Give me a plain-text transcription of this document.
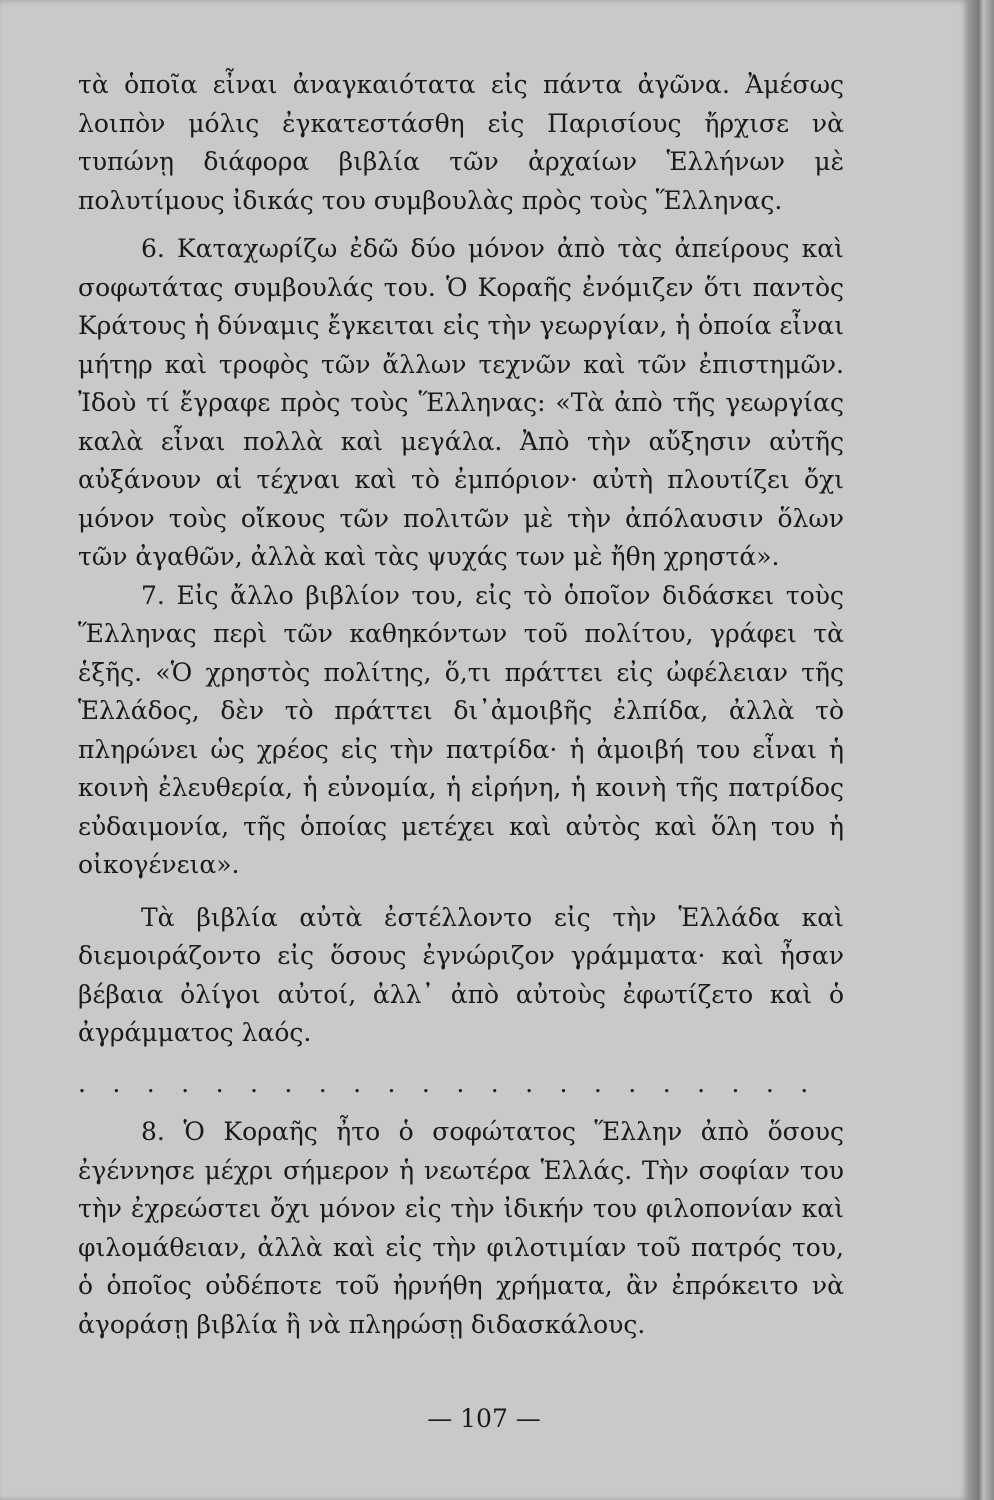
τὰ ὁποῖα εἶναι ἀναγκαιότατα εἰς πάντα ἀγῶνα. Ἀμέσως λοιπὸν μόλις ἐγκατεστάσθη εἰς Παρισίους ἤρχισε νὰ τυπώνῃ διάφορα βιβλία τῶν ἀρχαίων Ἑλλήνων μὲ πολυτίμους ἰδικάς του συμβουλὰς πρὸς τοὺς Ἕλληνας.

6. Καταχωρίζω ἐδῶ δύο μόνον ἀπὸ τὰς ἀπείρους καὶ σοφωτάτας συμβουλάς του. Ὁ Κοραῆς ἐνόμιζεν ὅτι παντὸς Κράτους ἡ δύναμις ἔγκειται εἰς τὴν γεωργίαν, ἡ ὁποία εἶναι μήτηρ καὶ τροφὸς τῶν ἄλλων τεχνῶν καὶ τῶν ἐπιστημῶν. Ἰδοὺ τί ἔγραφε πρὸς τοὺς Ἕλληνας: «Τὰ ἀπὸ τῆς γεωργίας καλὰ εἶναι πολλὰ καὶ μεγάλα. Ἀπὸ τὴν αὔξησιν αὐτῆς αὐξάνουν αἱ τέχναι καὶ τὸ ἐμπόριον· αὐτὴ πλουτίζει ὄχι μόνον τοὺς οἴκους τῶν πολιτῶν μὲ τὴν ἀπόλαυσιν ὅλων τῶν ἀγαθῶν, ἀλλὰ καὶ τὰς ψυχάς των μὲ ἤθη χρηστά».

7. Εἰς ἄλλο βιβλίον του, εἰς τὸ ὁποῖον διδάσκει τοὺς Ἕλληνας περὶ τῶν καθηκόντων τοῦ πολίτου, γράφει τὰ ἑξῆς. «Ὁ χρηστὸς πολίτης, ὅ,τι πράττει εἰς ὠφέλειαν τῆς Ἑλλάδος, δὲν τὸ πράττει δι᾽ἀμοιβῆς ἐλπίδα, ἀλλὰ τὸ πληρώνει ὡς χρέος εἰς τὴν πατρίδα· ἡ ἀμοιβή του εἶναι ἡ κοινὴ ἐλευθερία, ἡ εὐνομία, ἡ εἰρήνη, ἡ κοινὴ τῆς πατρίδος εὐδαιμονία, τῆς ὁποίας μετέχει καὶ αὐτὸς καὶ ὅλη του ἡ οἰκογένεια».

Τὰ βιβλία αὐτὰ ἐστέλλοντο εἰς τὴν Ἑλλάδα καὶ διεμοιράζοντο εἰς ὅσους ἐγνώριζον γράμματα· καὶ ἦσαν βέβαια ὀλίγοι αὐτοί, ἀλλ᾽ ἀπὸ αὐτοὺς ἐφωτίζετο καὶ ὁ ἀγράμματος λαός.

. . . . . . . . . . . . . . . . . . . . . .

8. Ὁ Κοραῆς ἦτο ὁ σοφώτατος Ἕλλην ἀπὸ ὅσους ἐγέννησε μέχρι σήμερον ἡ νεωτέρα Ἑλλάς. Τὴν σοφίαν του τὴν ἐχρεώστει ὄχι μόνον εἰς τὴν ἰδικήν του φιλοπονίαν καὶ φιλομάθειαν, ἀλλὰ καὶ εἰς τὴν φιλοτιμίαν τοῦ πατρός του, ὁ ὁποῖος οὐδέποτε τοῦ ἠρνήθη χρήματα, ἂν ἐπρόκειτο νὰ ἀγοράσῃ βιβλία ἢ νὰ πληρώσῃ διδασκάλους.

— 107 —
